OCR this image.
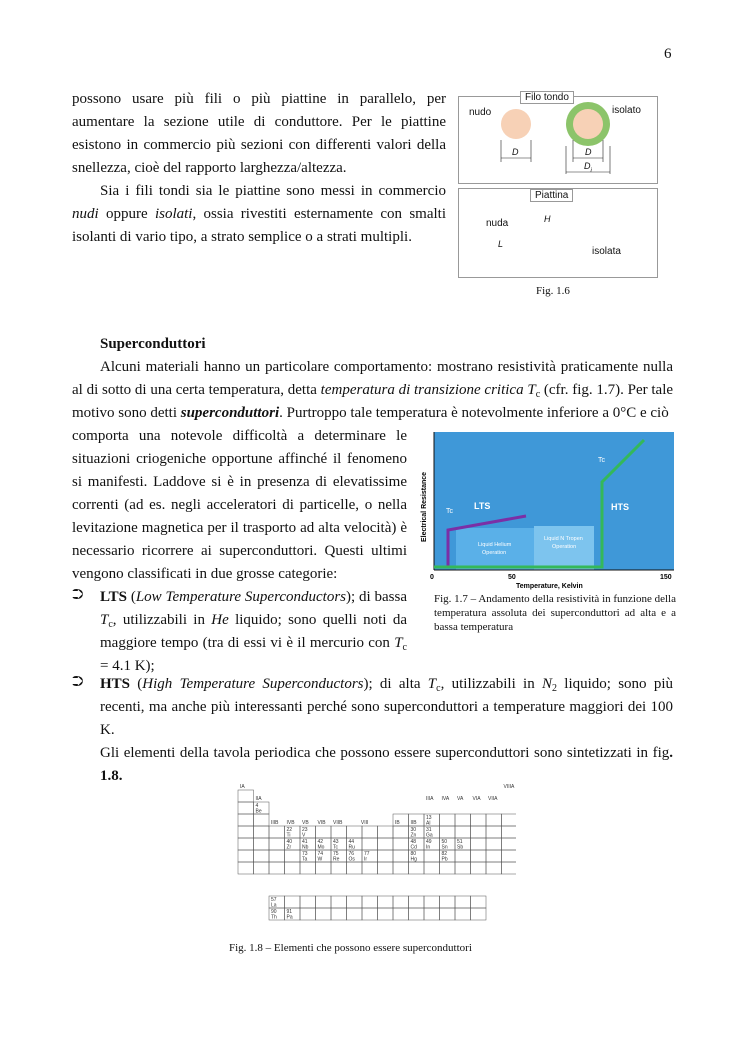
6

possono usare più fili o più piattine in parallelo, per aumentare la sezione utile di conduttore. Per le piattine esistono in commercio più sezioni con differenti valori della snellezza, cioè del rapporto larghezza/altezza.

Sia i fili tondi sia le piattine sono messi in commercio nudi oppure isolati, ossia rivestiti esternamente con smalti isolanti di vario tipo, a strato semplice o a strati multipli.

Filo tondo
nudo	isolato
D	D
$D_i$
Piattina
nuda	H
L
isolata
Fig. 1.6
Superconduttori
Alcuni materiali hanno un particolare comportamento: mostrano resistività praticamente nulla al di sotto di una certa temperatura, detta temperatura di transizione critica $T_c$ (cfr. fig. 1.7). Per tale motivo sono detti superconduttori. Purtroppo tale temperatura è notevolmente inferiore a 0°C e ciò
comporta una notevole difficoltà a determinare le situazioni criogeniche opportune affinché il fenomeno si manifesti. Laddove si è in presenza di elevatissime correnti (ad es. negli acceleratori di particelle, o nella levitazione magnetica per il trasporto ad alta velocità) è necessario ricorrere ai superconduttori. Questi ultimi vengono classificati in due grosse categorie:
⮊ LTS (Low Temperature Superconductors); di bassa $T_c$, utilizzabili in He liquido; sono quelli noti da maggiore tempo (tra di essi vi è il mercurio con $T_c = 4.1$ K);
⮊ HTS (High Temperature Superconductors); di alta $T_c$, utilizzabili in $N_2$ liquido; sono più recenti, ma anche più interessanti perché sono superconduttori a temperature maggiori dei 100 K.
Gli elementi della tavola periodica che possono essere superconduttori sono sintetizzati in fig. 1.8.
LTS	HTS
Tc
Tc
Liquid Helium
Operation
Liquid N Tropen
Operation
0	50	150
Temperature, Kelvin
Electrical Resistance
Fig. 1.7 – Andamento della resistività in funzione della temperatura assoluta dei superconduttori ad alta e a bassa temperatura
IA
IIA
IIIB IVB VB VIB VIIB	VIII	IB IIB
IIIA IVA VA VIA VIIA
VIIIA
4
Be
13
Al
22
Ti
23
V
30
Zn
31
Ga
40
Zr
41
Nb
42
Mo
43
Tc
44
Ru
48
Cd
49
In
50
Sn
51
Sb
73
Ta
74
W
75
Re
76
Os
77
Ir
80
Hg
82
Pb
57
La
90
Th
91
Pa
Fig. 1.8 – Elementi che possono essere superconduttori
